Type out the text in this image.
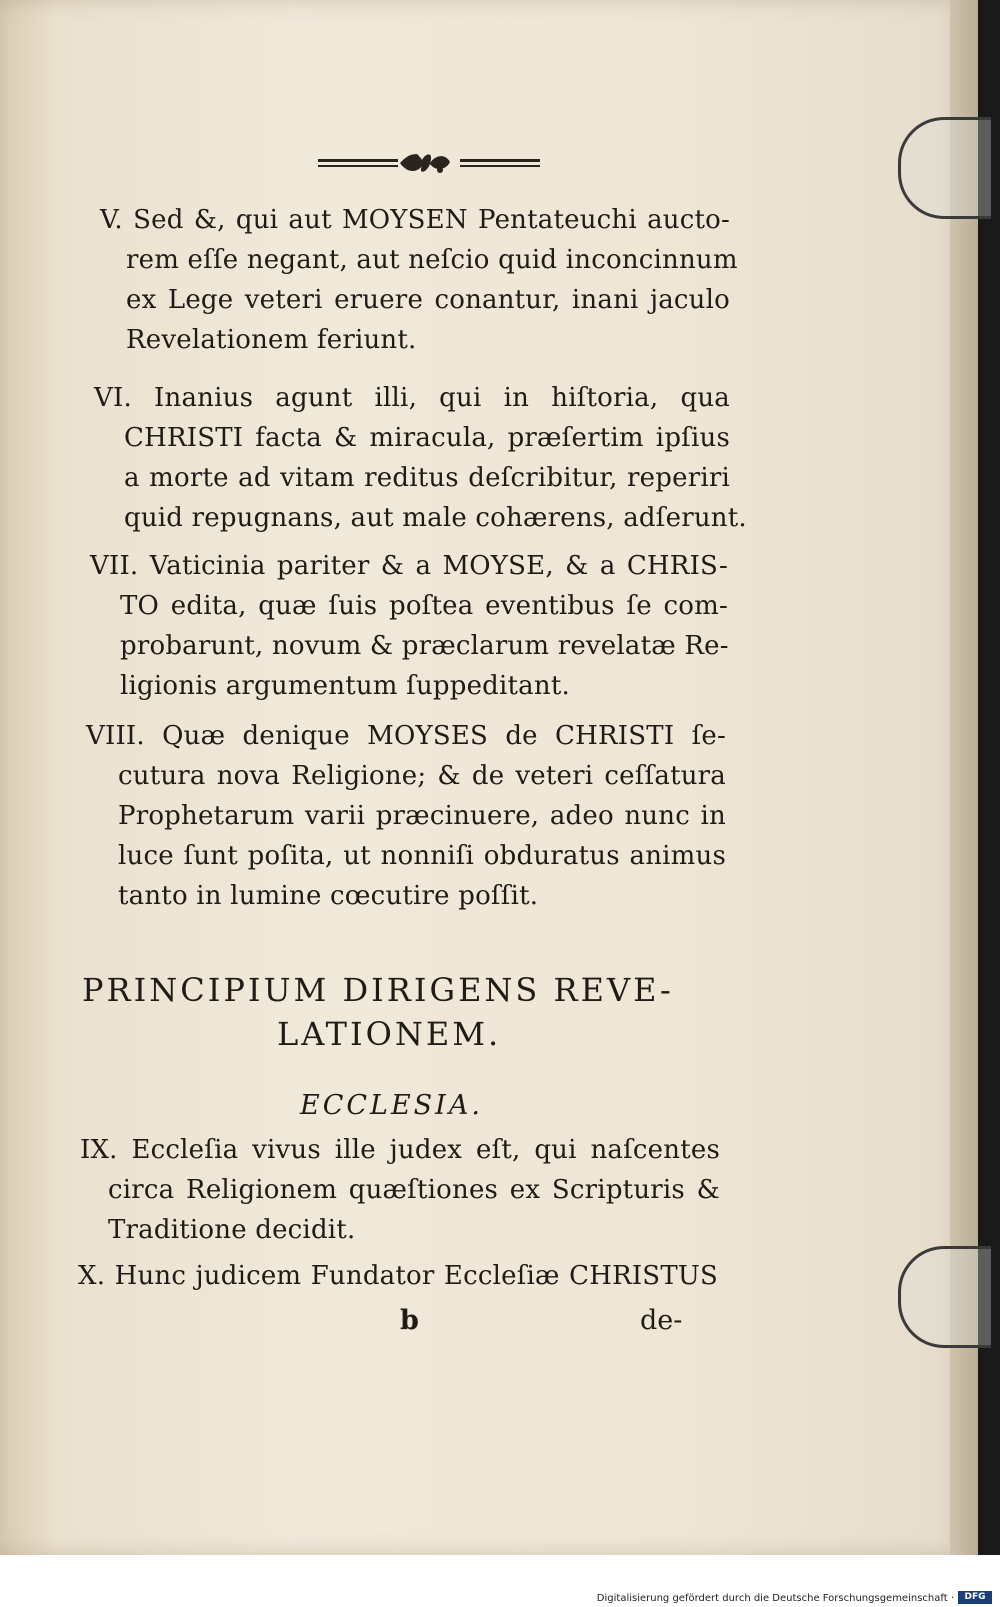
V. Sed &, qui aut MOYSEN Pentateuchi auctо-
rem eſſe negant, aut neſcio quid inconcinnum
ex Lege veteri eruere conantur, inani jaculo
Revelationem feriunt.
VI. Inanius agunt illi, qui in hiſtoria, qua
CHRISTI facta & miracula, præſertim ipſius
a morte ad vitam reditus deſcribitur, reperiri
quid repugnans, aut male cohærens, adſerunt.
VII. Vaticinia pariter & a MOYSE, & a CHRIS-
TO edita, quæ ſuis poſtea eventibus ſe com-
probarunt, novum & præclarum revelatæ Re-
ligionis argumentum ſuppeditant.
VIII. Quæ denique MOYSES de CHRISTI ſe-
cutura nova Religione; & de veteri ceſſatura
Prophetarum varii præcinuere, adeo nunc in
luce ſunt poſita, ut nonniſi obduratus animus
tanto in lumine cœcutire poſſit.
PRINCIPIUM DIRIGENS REVE-
LATIONEM.
ECCLESIA.
IX. Eccleſia vivus ille judex eſt, qui naſcentes
circa Religionem quæſtiones ex Scripturis &
Traditione decidit.
X. Hunc judicem Fundator Eccleſiæ CHRISTUS
b	de-
Digitalisierung gefördert durch die Deutsche Forschungsgemeinschaft ·	DFG
